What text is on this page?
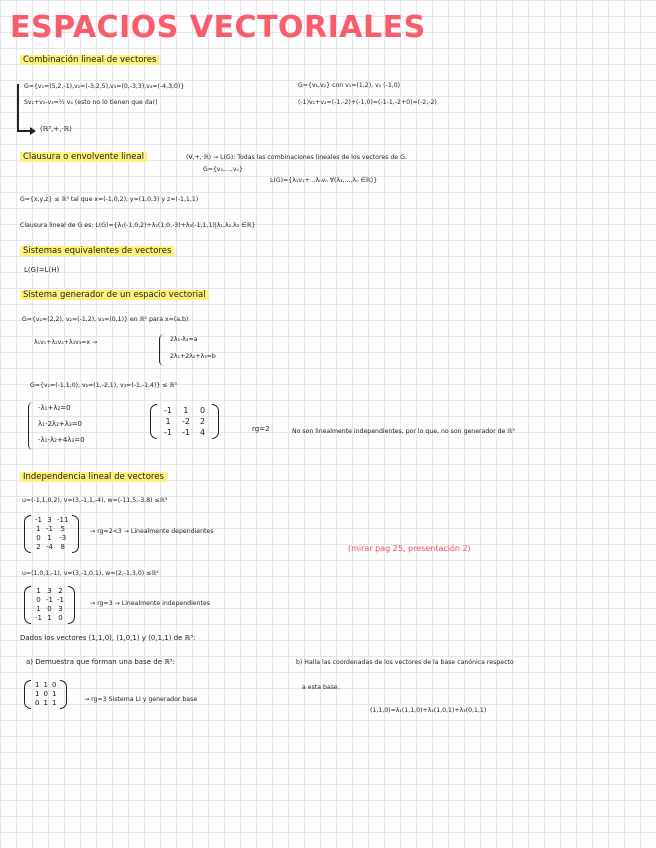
ESPACIOS VECTORIALES
Combinación lineal de vectores
G={v₁=(5,2,-1),v₂=(-3,2,5),v₃=(0,-3,3),v₄=(-4,3,0)}
Sv₁+v₂-v₃=½ v₄ (esto no lo tienen que dar)
(ℝ³,+,·ℝ)
G={v₁,v₂} con v₁=(1,2), v₂ (-1,0)
(-1)v₁+v₂=(-1,-2)+(-1,0)=(-1-1,-2+0)=(-2,-2)
Clausura o envolvente lineal	(V,+,·ℝ) → L(G): Todas las combinaciones lineales de los vectores de G.
G={v₁,...,vₙ}
L(G)={λ₁v₁+...λₙvₙ ∀(λ₁,...,λₙ ∈ℝ)}
G={x,y,z} ≤ ℝ³ tal que x=(-1,0,2), y=(1,0,3) y z=(-1,1,1)
Clausura lineal de G es: L(G)={λ₁(-1,0,2)+λ₂(1,0,-3)+λ₃(-1,1,1)|λ₁,λ₂,λ₃ ∈ℝ}
Sistemas equivalentes de vectores
L(G)=L(H)
Sistema generador de un espacio vectorial
G={v₁=(2,2), v₂=(-1,2), v₃=(0,1)} en ℝ² para x=(a,b)
λ₁v₁+λ₂v₂+λ₃v₃=x →	2λ₁-λ₂=a
2λ₁+2λ₂+λ₃=b
G={v₁=(-1,1,0), v₂=(1,-2,1), v₃=(-1,-1,4)} ≤ ℝ³
-λ₁+λ₂=0
λ₁-2λ₂+λ₃=0
-λ₁-λ₂+4λ₃=0
-1	1	0
1	-2	2
-1	-1	4	rg=2	No son linealmente independientes, por lo que, no son generador de ℝ³
Independencia lineal de vectores
u=(-1,1,0,2), v=(3,-1,1,-4), w=(-11,5,-3,8) ≤ℝ⁴
-1	3	-11
1	-1	5
0	1	-3
2	-4	8
→ rg=2<3 → Linealmente dependientes
(mirar pag 25, presentación 2)
u=(1,0,1,-1), v=(3,-1,0,1), w=(2,-1,3,0) ≤ℝ⁴
1	3	2
0	-1	-1
1	0	3
-1	1	0
→ rg=3 → Linealmente independientes
Dados los vectores (1,1,0), (1,0,1) y (0,1,1) de ℝ³:
a) Demuestra que forman una base de ℝ³:
1	1	0
1	0	1
0	1	1	→ rg=3 Sistema LI y generador base
b) Halla las coordenadas de los vectores de la base canónica respecto
a esta base.
(1,1,0)=λ₁(1,1,0)+λ₂(1,0,1)+λ₃(0,1,1)
